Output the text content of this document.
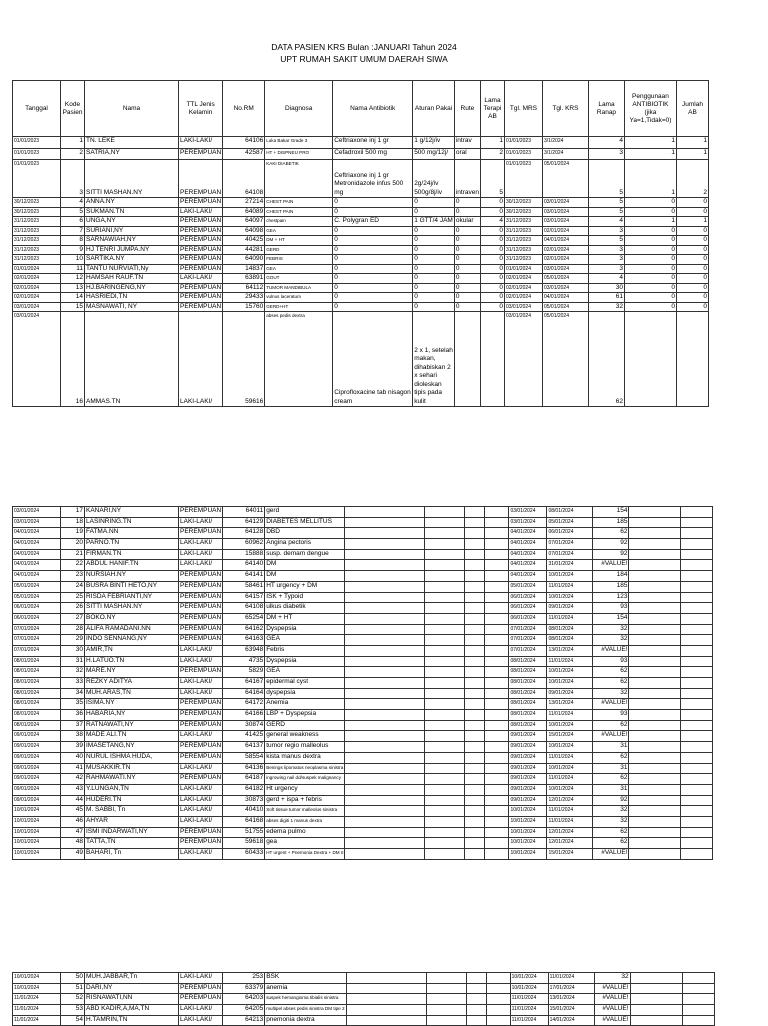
DATA PASIEN KRS Bulan :JANUARI Tahun 2024
UPT RUMAH SAKIT UMUM DAERAH SIWA
Tanggal	Kode Pasien	Nama	TTL Jenis Kelamin	No.RM	Diagnosa	Nama Antibiotik	Aturan Pakai	Rute	Lama Terapi AB	Tgl. MRS	Tgl. KRS	Lama Ranap	Penggunaan ANTIBIOTIK (jika Ya=1,Tidak=0)	Jumlah AB
01/01/2023	1	TN. LEKE	LAKI-LAKI/	64106	Luka Bakar Grade 3	Ceftriaxone inj 1 gr	1 g/12j/iv	intrav	1	01/01/2023	3/1/2024	4	1	1
01/01/2023	2	SATRIA,NY	PEREMPUAN	42587	HT + DISPNEU PRO	Cefadroxil 500 mg	500 mg/12j/	oral	2	01/01/2023	3/1/2024	3	1	1
01/01/2023	3	SITTI MASHAN.NY	PEREMPUAN	64108	KAKI DIABETIK	Ceftriaxone inj 1 gr Metronidazole infus 500 mg	2g/24j/iv 500g/8j/iv	intraven	5	01/01/2023	05/01/2024	5	1	2
30/12/2023	4	ANNA.NY	PEREMPUAN	27214	CHEST PAIN	0	0	0	0	30/12/2023	03/01/2024	5	0	0
30/12/2023	5	SUKMAN.TN	LAKI-LAKI/	64089	CHEST PAIN	0	0	0	0	30/12/2023	03/01/2024	5	0	0
31/12/2023	6	UNGA,NY	PEREMPUAN	64097	chestpain	C. Polygran ED	1 GTT/4 JAM	okular	4	31/12/2023	03/01/2024	4	1	1
31/12/2023	7	SURIANI,NY	PEREMPUAN	64098	GEA	0	0	0	0	31/12/2023	02/01/2024	3	0	0
31/12/2023	8	SARNAWIAH,NY	PEREMPUAN	40425	DM + HT	0	0	0	0	31/12/2023	04/01/2024	5	0	0
31/12/2023	9	HJ TENRI JUMPA.NY	PEREMPUAN	44281	GERD	0	0	0	0	31/12/2023	02/01/2024	3	0	0
31/12/2023	10	SARTIKA.NY	PEREMPUAN	64090	FEBRIS	0	0	0	0	31/12/2023	02/01/2024	3	0	0
01/01/2024	11	TANTU NURVIATI,Ny	PEREMPUAN	14837	GEA	0	0	0	0	01/01/2024	03/01/2024	3	0	0
02/01/2024	12	HAMSAH RAUF.TN	LAKI-LAKI/	63891	GOUT	0	0	0	0	02/01/2024	05/01/2024	4	0	0
02/01/2024	13	HJ.BARINGENG,NY	PEREMPUAN	64112	TUMOR MANDIBULA	0	0	0	0	02/01/2024	03/01/2024	30	0	0
02/01/2024	14	HASRIEDI,TN	PEREMPUAN	29433	vulnus laceratum	0	0	0	0	02/01/2024	04/01/2024	61	0	0
03/01/2024	15	MASNAWATI, NY	PEREMPUAN	15760	GERD+HT	0	0	0	0	03/01/2024	05/01/2024	32	0	0
03/01/2024	16	AMMAS.TN	LAKI-LAKI/	59616	abses pedis dextra	Ciprofloxacine tab nisagon cream	2 x 1, setelah makan, dihabiskan 2 x sehari dioleskan tipis pada kulit			03/01/2024	05/01/2024	62		
03/01/2024	17	KANARI,NY	PEREMPUAN	64011	gerd					03/01/2024	08/01/2024	154		
03/01/2024	18	LASINRING.TN	LAKI-LAKI/	64129	DIABETES MELLITUS					03/01/2024	05/01/2024	185		
04/01/2024	19	FATMA.NN	PEREMPUAN	64128	DBD					04/01/2024	06/01/2024	62		
04/01/2024	20	PARNO.TN	LAKI-LAKI/	60962	Angina pectoris					04/01/2024	07/01/2024	92		
04/01/2024	21	FIRMAN.TN	LAKI-LAKI/	15888	susp. demam dengue					04/01/2024	07/01/2024	92		
04/01/2024	22	ABDUL HANIF.TN	LAKI-LAKI/	64140	DM					04/01/2024	31/01/2024	#VALUE!		
04/01/2024	23	NURSIAH.NY	PEREMPUAN	64141	DM					04/01/2024	10/01/2024	184		
05/01/2024	24	BUSRA BINTI HETO,NY	PEREMPUAN	58461	HT urgency + DM					05/01/2024	11/01/2024	185		
05/01/2024	25	RISDA FEBRIANTI,NY	PEREMPUAN	64157	ISK + Typoid					06/01/2024	10/01/2024	123		
06/01/2024	26	SITTI MASHAN.NY	PEREMPUAN	64108	ulkus diabetik					06/01/2024	09/01/2024	93		
06/01/2024	27	BOKO.NY	PEREMPUAN	65254	DM + HT					06/01/2024	11/01/2024	154		
07/01/2024	28	ALIFA RAMADANI.NN	PEREMPUAN	64162	Dyspepsia					07/01/2024	08/01/2024	32		
07/01/2024	29	INDO SENNANG,NY	PEREMPUAN	64163	GEA					07/01/2024	08/01/2024	32		
07/01/2024	30	AMIR,TN	LAKI-LAKI/	63948	Febris					07/01/2024	13/01/2024	#VALUE!		
08/01/2024	31	H.LATUO.TN	LAKI-LAKI/	4735	Dyspepsia					08/01/2024	11/01/2024	93		
08/01/2024	32	MARE.NY	PEREMPUAN	5829	GEA					08/01/2024	10/01/2024	62		
08/01/2024	33	REZKY ADITYA	LAKI-LAKI/	64167	epidermal cyst					08/01/2024	10/01/2024	62		
08/01/2024	34	MUH.ARAS,TN	LAKI-LAKI/	64164	dyspepsia					08/01/2024	09/01/2024	32		
08/01/2024	35	ISIMA.NY	PEREMPUAN	64172	Anemia					08/01/2024	13/01/2024	#VALUE!		
08/01/2024	36	HABARIA,NY	PEREMPUAN	64166	LBP + Dyspepsia					08/01/2024	11/01/2024	93		
08/01/2024	37	RATNAWATI,NY	PEREMPUAN	30874	GERD					08/01/2024	10/01/2024	62		
09/01/2024	38	MADE ALI.TN	LAKI-LAKI/	41425	general weakness					09/01/2024	15/01/2024	#VALUE!		
09/01/2024	39	IMASETANG,NY	PEREMPUAN	64137	tumor regio malleolus					09/01/2024	10/01/2024	31		
09/01/2024	40	NURUL ISHMA HUDA,	PEREMPUAN	58554	kista manus dextra					09/01/2024	11/01/2024	62		
09/01/2024	41	MUSAKKIR.TN	LAKI-LAKI/	64136	Benings lipomatus neoplasma sinistra					09/01/2024	10/01/2024	31		
09/01/2024	42	RAHMAWATI.NY	PEREMPUAN	64187	ingrowing nail dd/suspek malignancy					09/01/2024	11/01/2024	62		
09/01/2024	43	Y.LUNGAN,TN	LAKI-LAKI/	64182	Ht urgency					09/01/2024	10/01/2024	31		
09/01/2024	44	HUDERI.TN	LAKI-LAKI/	30873	gerd + ispa + febris					09/01/2024	12/01/2024	92		
10/01/2024	45	M. SABBI, Tn	LAKI-LAKI/	40410	Soft tissue tumor malleolus sinistra					10/01/2024	11/01/2024	32		
10/01/2024	46	AHYAR	LAKI-LAKI/	64168	abses digiti 1 manus dextra					10/01/2024	11/01/2024	32		
10/01/2024	47	ISMI INDARWATI,NY	PEREMPUAN	51755	edema pulmo					10/01/2024	12/01/2024	62		
10/01/2024	48	TATTA,TN	PEREMPUAN	59618	gea					10/01/2024	12/01/2024	62		
10/01/2024	49	BAHARI, Tn	LAKI-LAKI/	60433	HT urgent + Pnemonia Dextra + DM II					10/01/2024	15/01/2024	#VALUE!		
10/01/2024	50	MUH.JABBAR,Tn	LAKI-LAKI/	253	BSK					10/01/2024	11/01/2024	32		
10/01/2024	51	DARI,NY	PEREMPUAN	63379	anemia					10/01/2024	17/01/2024	#VALUE!		
11/01/2024	52	RISNAWATI,NN	PEREMPUAN	64203	suspek hemangioma tibialis sinistra					11/01/2024	13/01/2024	#VALUE!		
11/01/2024	53	ABD KADIR,A,MA,TN	LAKI-LAKI/	64205	multipel abses pedis sinistra DM tipe 2					11/01/2024	15/01/2024	#VALUE!		
11/01/2024	54	H.TAMRIN,TN	LAKI-LAKI/	64213	pnemonia dextra					11/01/2024	14/01/2024	#VALUE!		
